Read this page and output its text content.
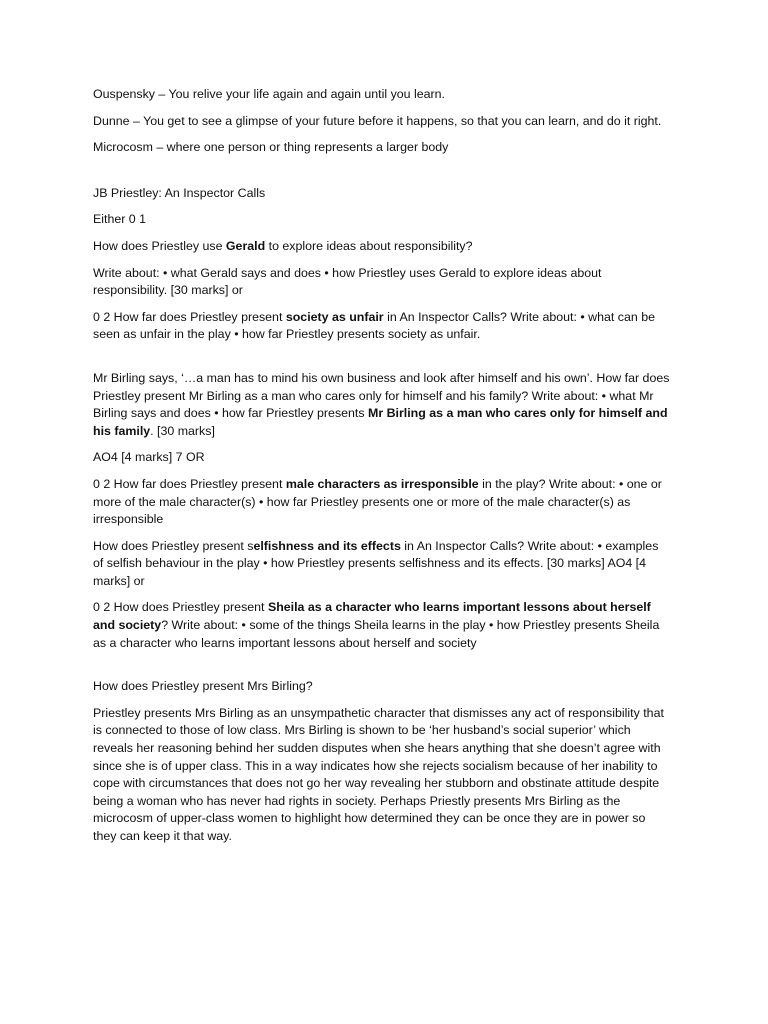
Ouspensky – You relive your life again and again until you learn.

Dunne – You get to see a glimpse of your future before it happens, so that you can learn, and do it right.

Microcosm – where one person or thing represents a larger body

JB Priestley: An Inspector Calls

Either 0 1

How does Priestley use Gerald to explore ideas about responsibility?

Write about: • what Gerald says and does • how Priestley uses Gerald to explore ideas about responsibility. [30 marks] or

0 2 How far does Priestley present society as unfair in An Inspector Calls? Write about: • what can be seen as unfair in the play • how far Priestley presents society as unfair.

Mr Birling says, ‘…a man has to mind his own business and look after himself and his own’. How far does Priestley present Mr Birling as a man who cares only for himself and his family? Write about: • what Mr Birling says and does • how far Priestley presents Mr Birling as a man who cares only for himself and his family. [30 marks]

AO4 [4 marks] 7 OR

0 2 How far does Priestley present male characters as irresponsible in the play? Write about: • one or more of the male character(s) • how far Priestley presents one or more of the male character(s) as irresponsible

How does Priestley present selfishness and its effects in An Inspector Calls? Write about: • examples of selfish behaviour in the play • how Priestley presents selfishness and its effects. [30 marks] AO4 [4 marks] or

0 2 How does Priestley present Sheila as a character who learns important lessons about herself and society? Write about: • some of the things Sheila learns in the play • how Priestley presents Sheila as a character who learns important lessons about herself and society

How does Priestley present Mrs Birling?

Priestley presents Mrs Birling as an unsympathetic character that dismisses any act of responsibility that is connected to those of low class. Mrs Birling is shown to be ‘her husband’s social superior’ which reveals her reasoning behind her sudden disputes when she hears anything that she doesn’t agree with since she is of upper class. This in a way indicates how she rejects socialism because of her inability to cope with circumstances that does not go her way revealing her stubborn and obstinate attitude despite being a woman who has never had rights in society. Perhaps Priestly presents Mrs Birling as the microcosm of upper-class women to highlight how determined they can be once they are in power so they can keep it that way.
